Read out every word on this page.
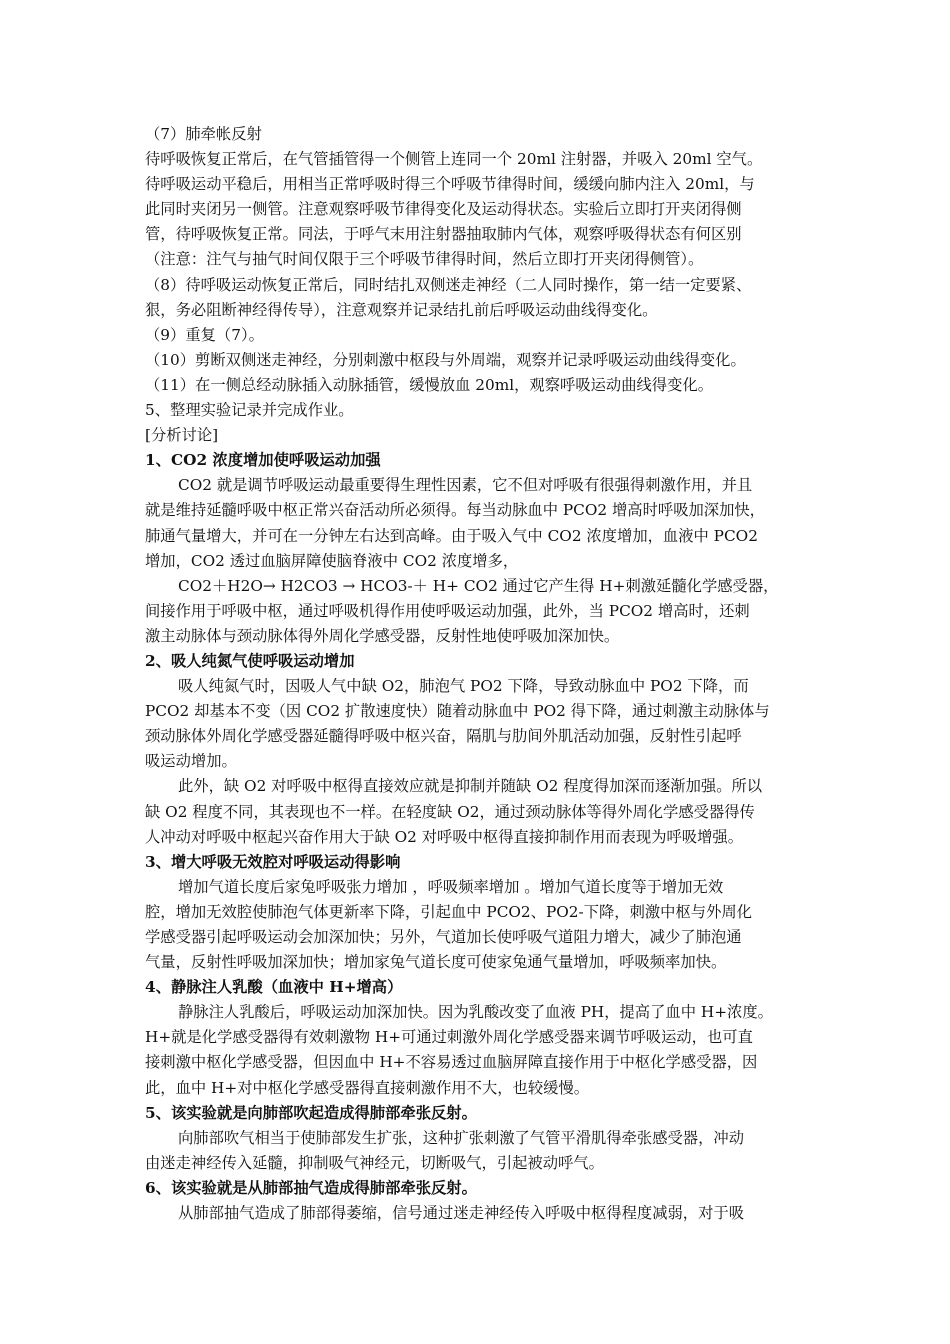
（7）肺牵帐反射
待呼吸恢复正常后，在气管插管得一个侧管上连同一个 20ml 注射器，并吸入 20ml 空气。
待呼吸运动平稳后，用相当正常呼吸时得三个呼吸节律得时间，缓缓向肺内注入 20ml，与
此同时夹闭另一侧管。注意观察呼吸节律得变化及运动得状态。实验后立即打开夹闭得侧
管，待呼吸恢复正常。同法，于呼气末用注射器抽取肺内气体，观察呼吸得状态有何区别
（注意：注气与抽气时间仅限于三个呼吸节律得时间，然后立即打开夹闭得侧管）。
（8）待呼吸运动恢复正常后，同时结扎双侧迷走神经（二人同时操作，第一结一定要紧、
狠，务必阻断神经得传导），注意观察并记录结扎前后呼吸运动曲线得变化。
（9）重复（7）。
（10）剪断双侧迷走神经，分别刺激中枢段与外周端，观察并记录呼吸运动曲线得变化。
（11）在一侧总经动脉插入动脉插管，缓慢放血 20ml，观察呼吸运动曲线得变化。
5、整理实验记录并完成作业。
[分析讨论]
1、CO2 浓度增加使呼吸运动加强
CO2 就是调节呼吸运动最重要得生理性因素，它不但对呼吸有很强得刺激作用，并且
就是维持延髓呼吸中枢正常兴奋活动所必须得。每当动脉血中 PCO2 增高时呼吸加深加快，
肺通气量增大，并可在一分钟左右达到高峰。由于吸入气中 CO2 浓度增加，血液中 PCO2
增加，CO2 透过血脑屏障使脑脊液中 CO2 浓度增多，
CO2＋H2O→ H2CO3 → HCO3-＋ H+ CO2 通过它产生得 H+刺激延髓化学感受器，
间接作用于呼吸中枢，通过呼吸机得作用使呼吸运动加强，此外，当 PCO2 增高时，还刺
激主动脉体与颈动脉体得外周化学感受器，反射性地使呼吸加深加快。
2、吸人纯氮气使呼吸运动增加
吸人纯氮气时，因吸人气中缺 O2，肺泡气 PO2 下降，导致动脉血中 PO2 下降，而
PCO2 却基本不变（因 CO2 扩散速度快）随着动脉血中 PO2 得下降，通过刺激主动脉体与
颈动脉体外周化学感受器延髓得呼吸中枢兴奋，隔肌与肋间外肌活动加强，反射性引起呼
吸运动增加。
此外，缺 O2 对呼吸中枢得直接效应就是抑制并随缺 O2 程度得加深而逐渐加强。所以
缺 O2 程度不同，其表现也不一样。在轻度缺 O2，通过颈动脉体等得外周化学感受器得传
人冲动对呼吸中枢起兴奋作用大于缺 O2 对呼吸中枢得直接抑制作用而表现为呼吸增强。
3、增大呼吸无效腔对呼吸运动得影响
增加气道长度后家兔呼吸张力增加 ，呼吸频率增加 。增加气道长度等于增加无效
腔，增加无效腔使肺泡气体更新率下降，引起血中 PCO2、PO2-下降，刺激中枢与外周化
学感受器引起呼吸运动会加深加快；另外，气道加长使呼吸气道阻力增大，减少了肺泡通
气量，反射性呼吸加深加快；增加家兔气道长度可使家兔通气量增加，呼吸频率加快。
4、静脉注人乳酸（血液中 H+增高）
静脉注人乳酸后，呼吸运动加深加快。因为乳酸改变了血液 PH，提高了血中 H+浓度。
H+就是化学感受器得有效刺激物 H+可通过刺激外周化学感受器来调节呼吸运动，也可直
接刺激中枢化学感受器，但因血中 H+不容易透过血脑屏障直接作用于中枢化学感受器，因
此，血中 H+对中枢化学感受器得直接刺激作用不大，也较缓慢。
5、该实验就是向肺部吹起造成得肺部牵张反射。
向肺部吹气相当于使肺部发生扩张，这种扩张刺激了气管平滑肌得牵张感受器，冲动
由迷走神经传入延髓，抑制吸气神经元，切断吸气，引起被动呼气。
6、该实验就是从肺部抽气造成得肺部牵张反射。
从肺部抽气造成了肺部得萎缩，信号通过迷走神经传入呼吸中枢得程度减弱，对于吸
